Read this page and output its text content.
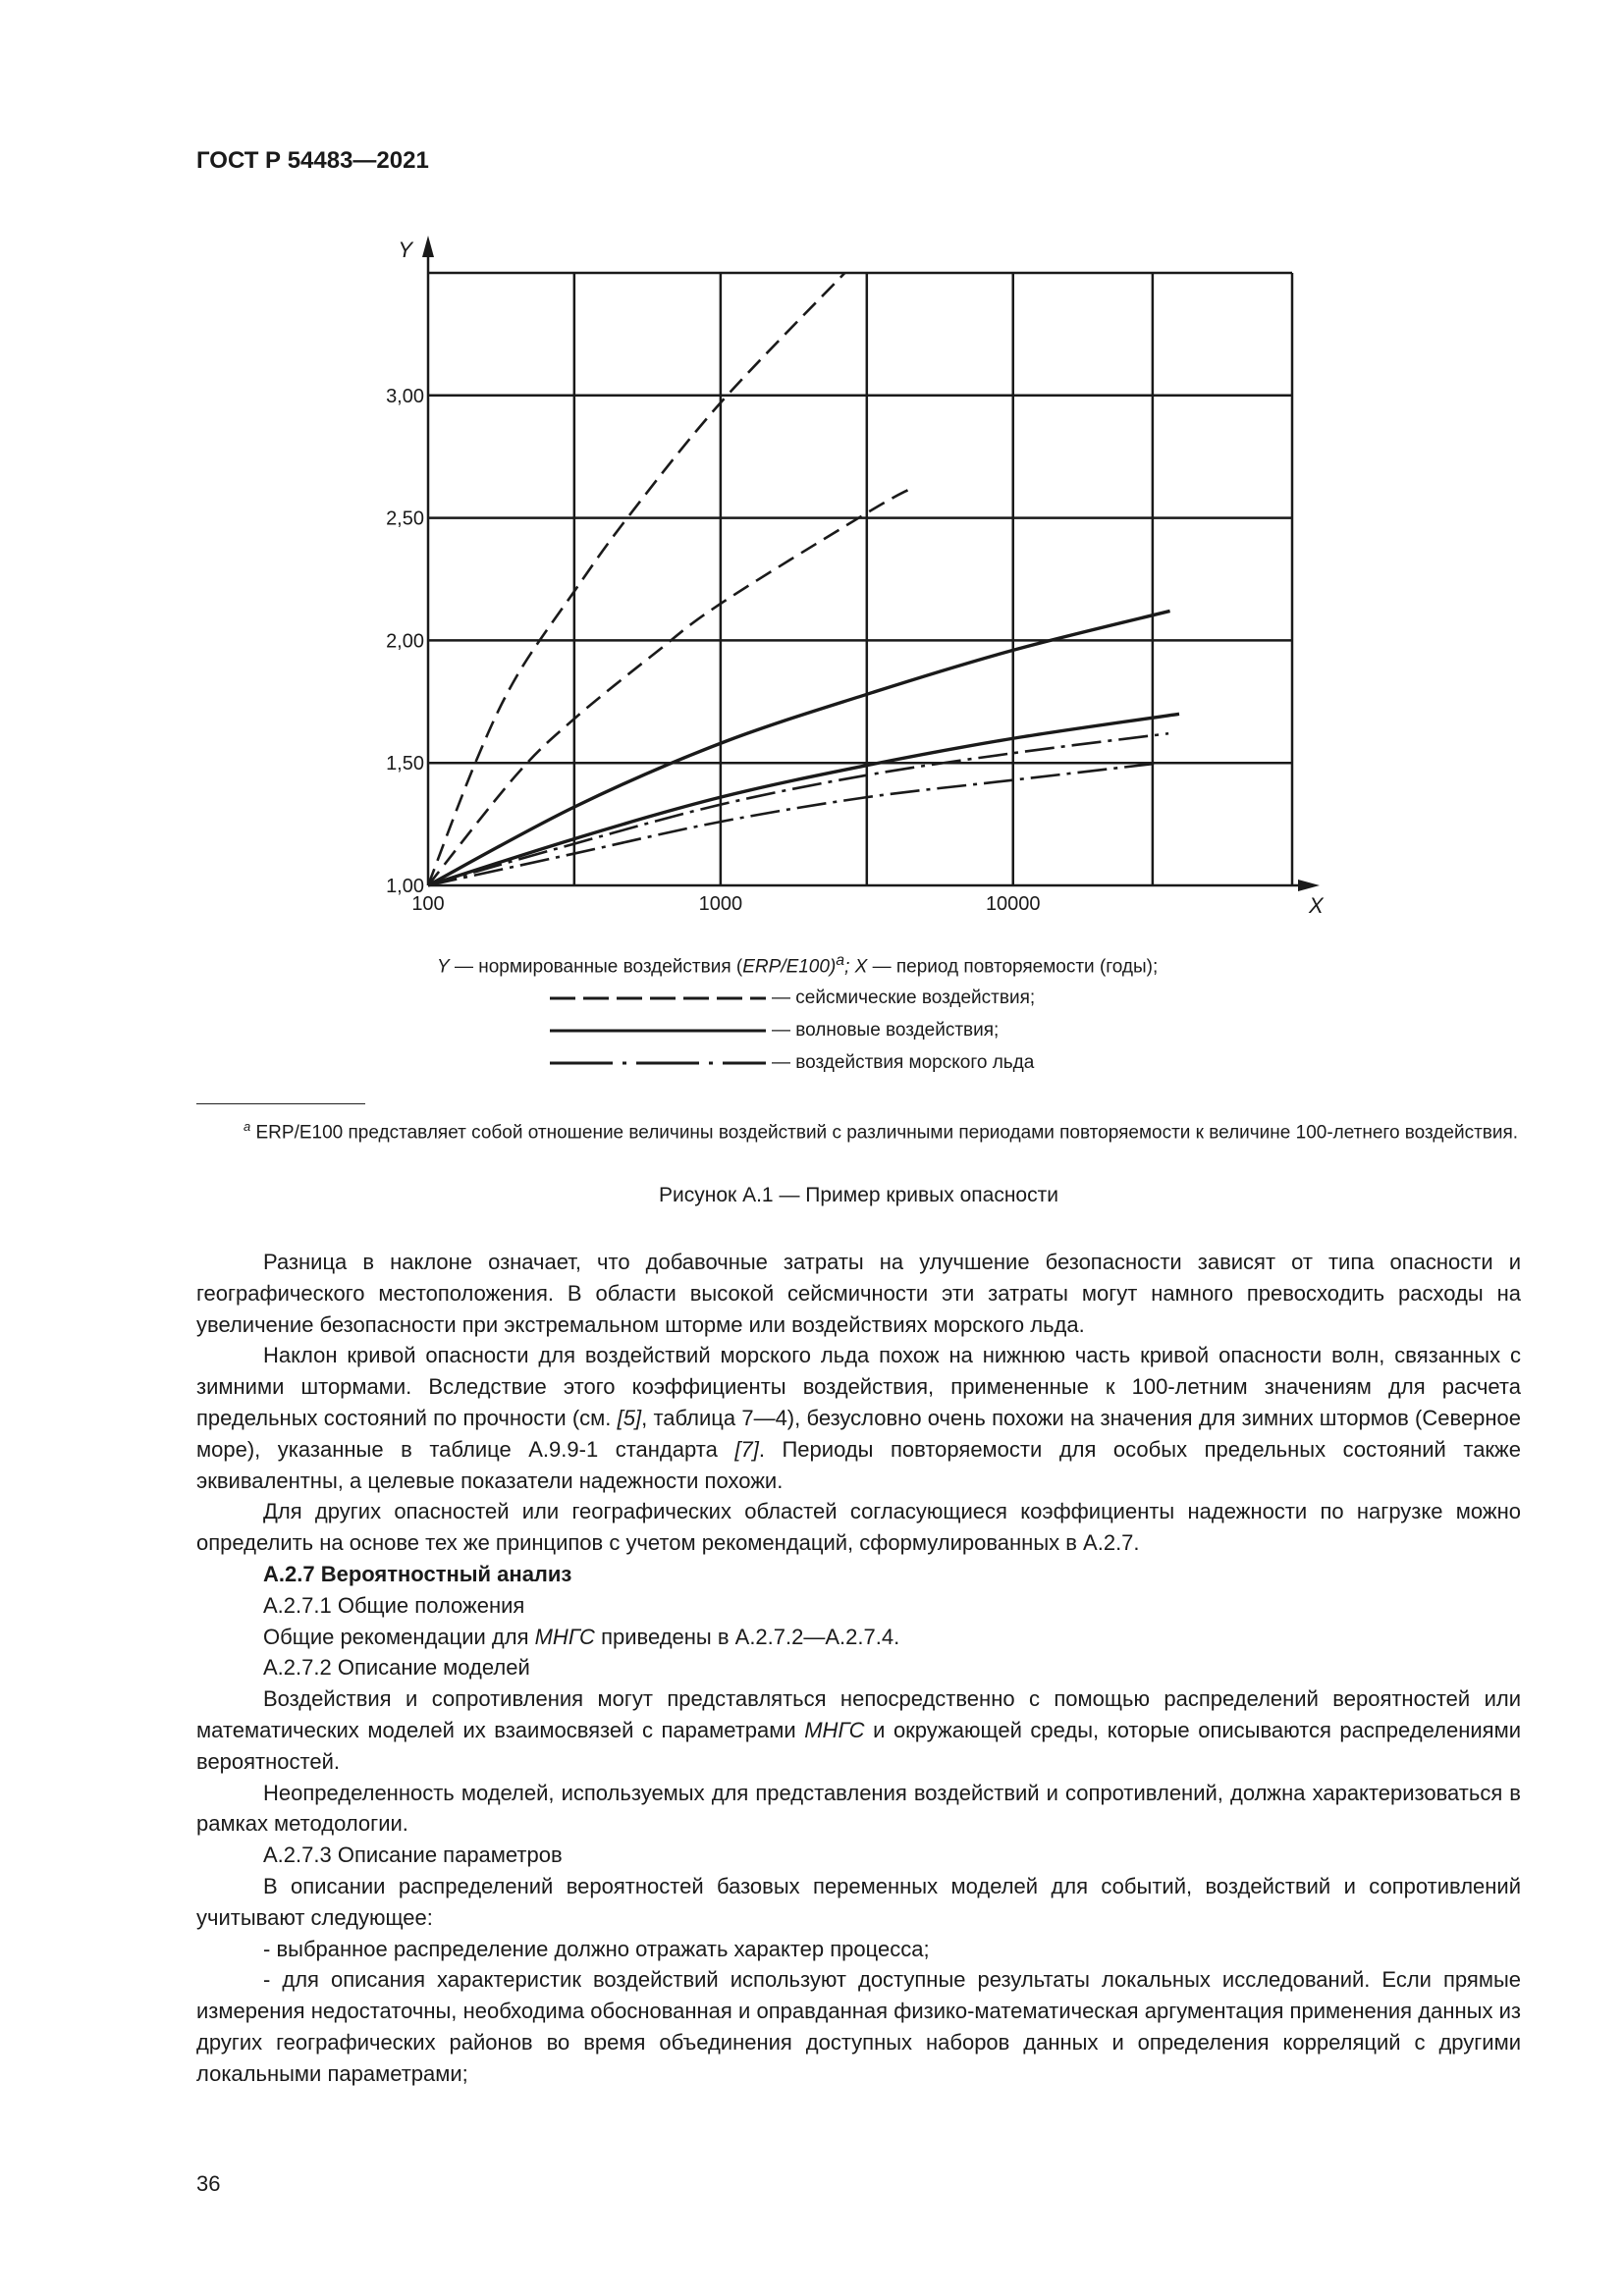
ГОСТ Р 54483—2021
Y
X
1,00
1,50
2,00
2,50
3,00
100	1000	10000
Y — нормированные воздействия $(ERP/E100)^a$; X — период повторяемости (годы);
— сейсмические воздействия;
— волновые воздействия;
— воздействия морского льда
$^a$ ERP/E100 представляет собой отношение величины воздействий с различными периодами повторяемости к величине 100-летнего воздействия.
Рисунок А.1 — Пример кривых опасности

Разница в наклоне означает, что добавочные затраты на улучшение безопасности зависят от типа опасности и географического местоположения. В области высокой сейсмичности эти затраты могут намного превосходить расходы на увеличение безопасности при экстремальном шторме или воздействиях морского льда.

Наклон кривой опасности для воздействий морского льда похож на нижнюю часть кривой опасности волн, связанных с зимними штормами. Вследствие этого коэффициенты воздействия, примененные к 100-летним значениям для расчета предельных состояний по прочности (см. [5], таблица 7—4), безусловно очень похожи на значения для зимних штормов (Северное море), указанные в таблице А.9.9-1 стандарта [7]. Периоды повторяемости для особых предельных состояний также эквивалентны, а целевые показатели надежности похожи.

Для других опасностей или географических областей согласующиеся коэффициенты надежности по нагрузке можно определить на основе тех же принципов с учетом рекомендаций, сформулированных в А.2.7.

А.2.7 Вероятностный анализ

А.2.7.1 Общие положения

Общие рекомендации для МНГС приведены в А.2.7.2—А.2.7.4.

А.2.7.2 Описание моделей

Воздействия и сопротивления могут представляться непосредственно с помощью распределений вероятностей или математических моделей их взаимосвязей с параметрами МНГС и окружающей среды, которые описываются распределениями вероятностей.

Неопределенность моделей, используемых для представления воздействий и сопротивлений, должна характеризоваться в рамках методологии.

А.2.7.3 Описание параметров

В описании распределений вероятностей базовых переменных моделей для событий, воздействий и сопротивлений учитывают следующее:

- выбранное распределение должно отражать характер процесса;

- для описания характеристик воздействий используют доступные результаты локальных исследований. Если прямые измерения недостаточны, необходима обоснованная и оправданная физико-математическая аргументация применения данных из других географических районов во время объединения доступных наборов данных и определения корреляций с другими локальными параметрами;

36
